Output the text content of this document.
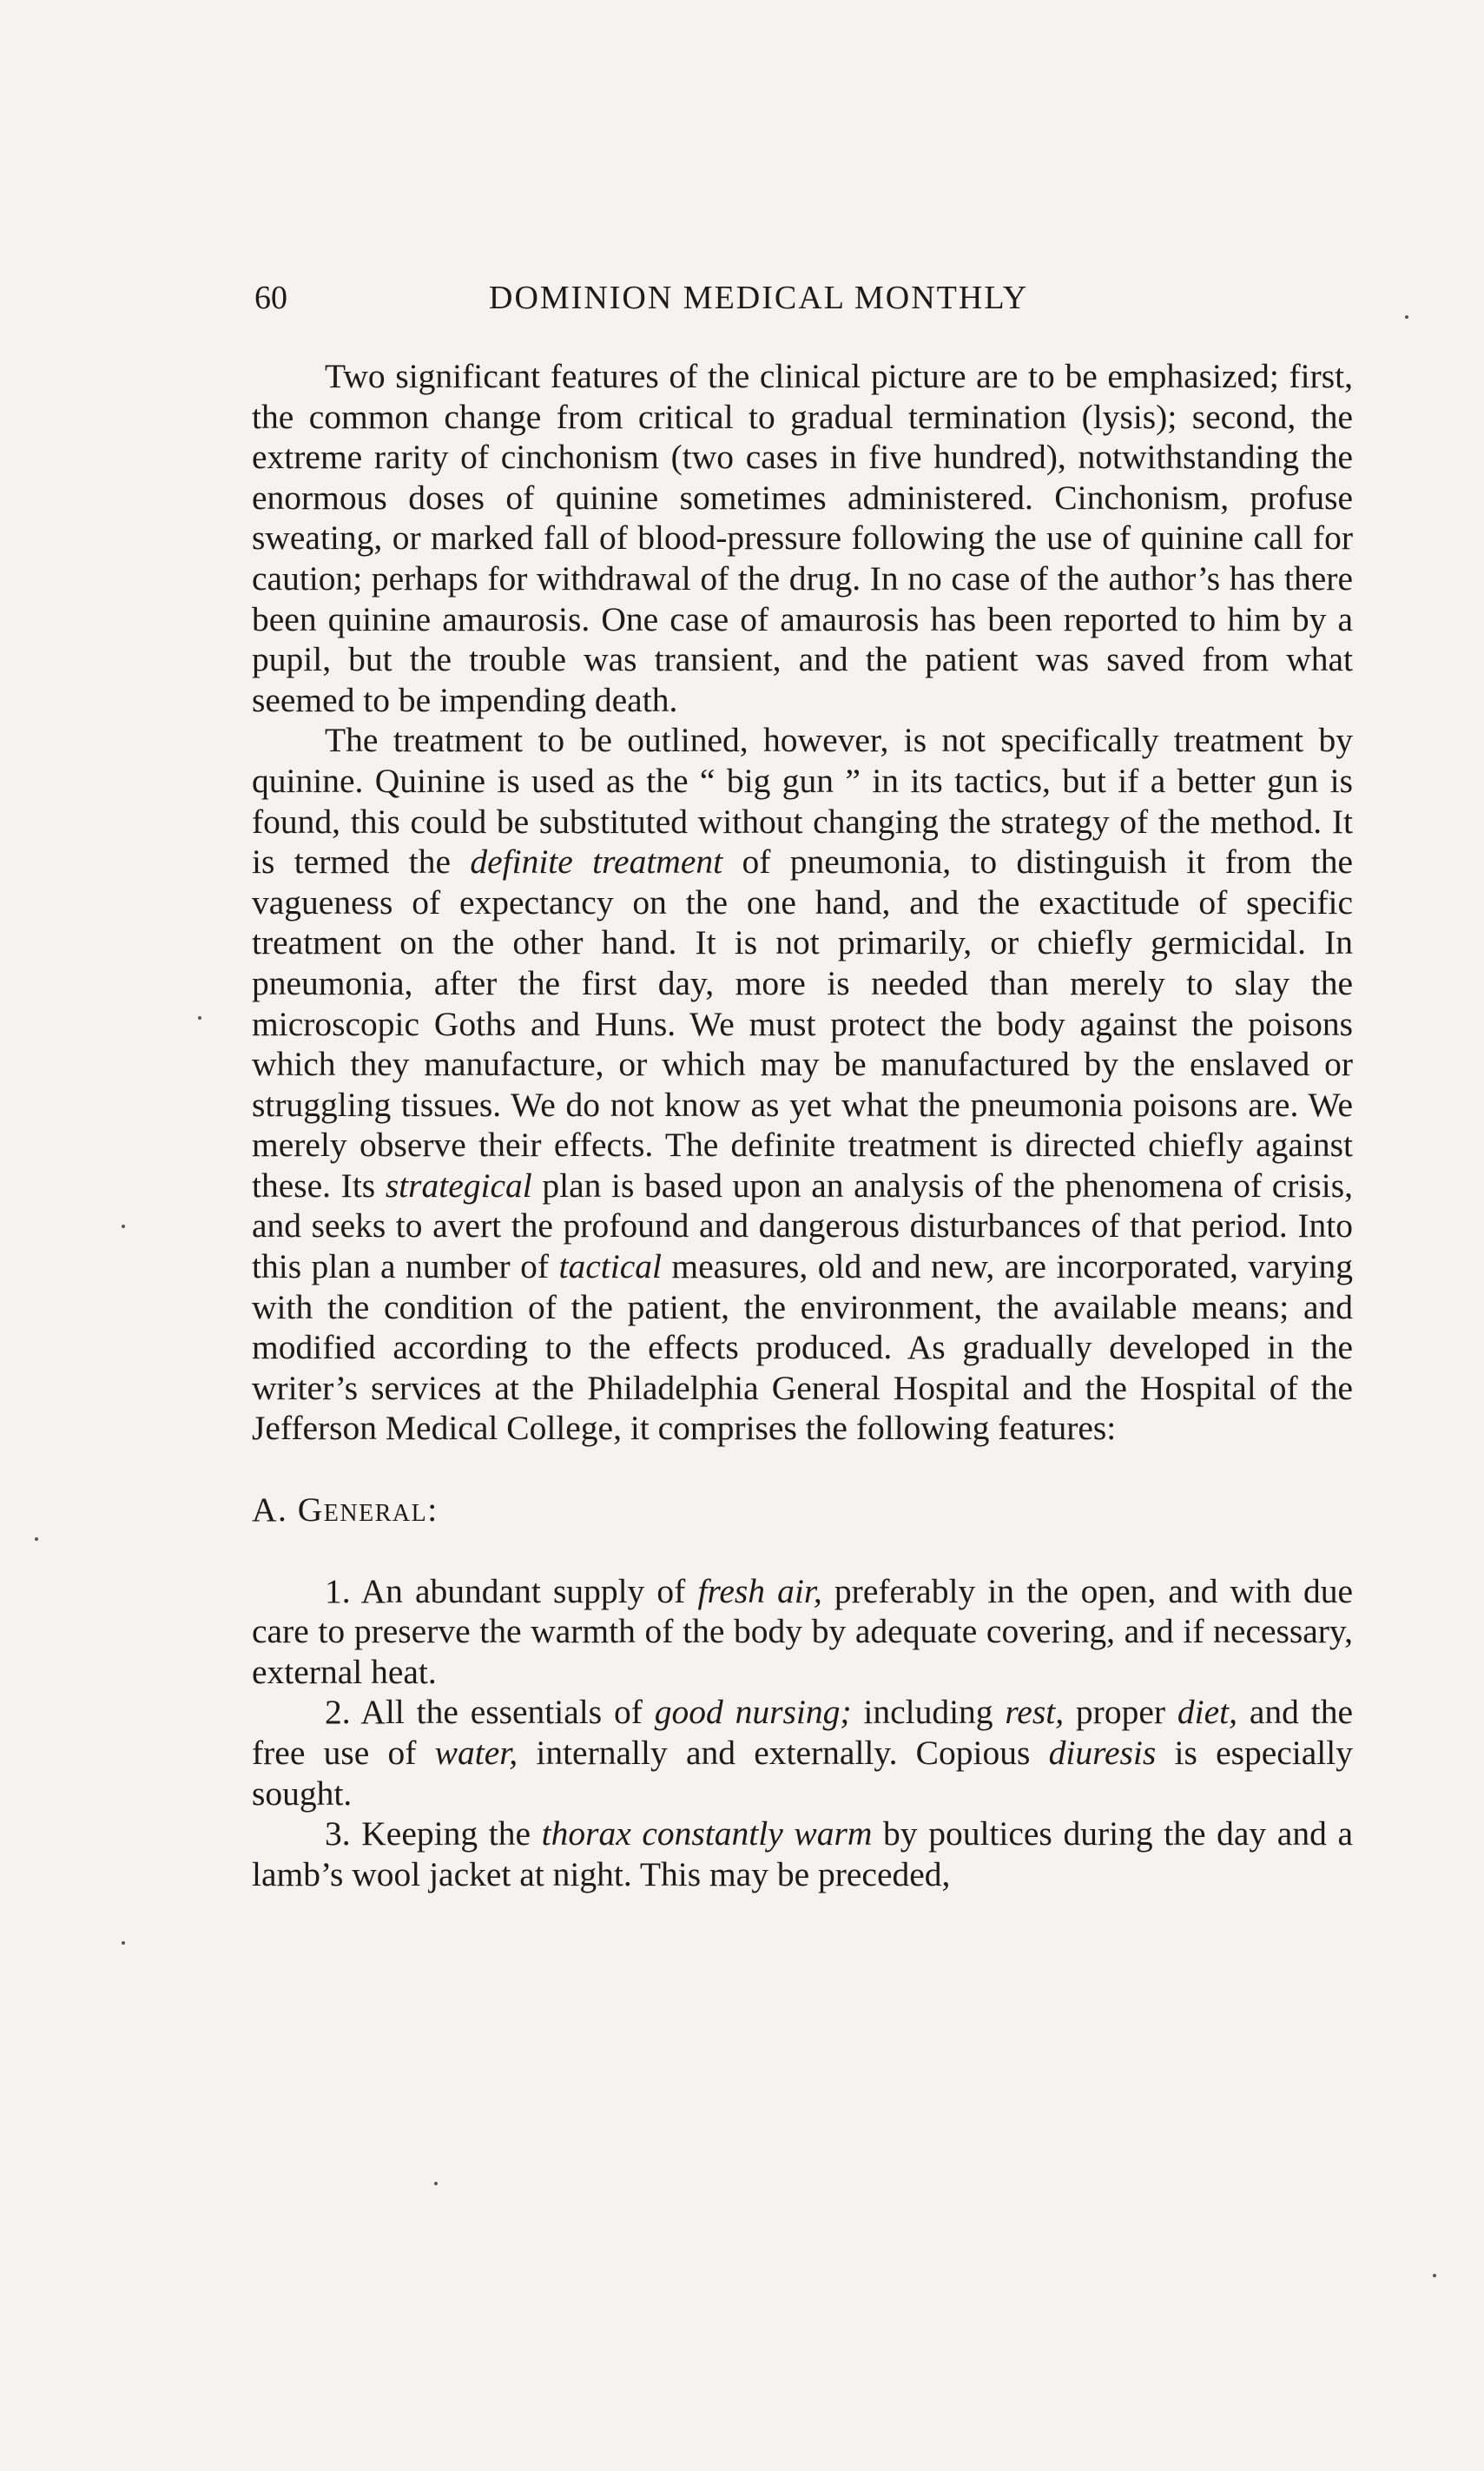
60	DOMINION MEDICAL MONTHLY

Two significant features of the clinical picture are to be emphasized; first, the common change from critical to gradual termination (lysis); second, the extreme rarity of cinchonism (two cases in five hundred), notwithstanding the enormous doses of quinine sometimes administered. Cinchonism, profuse sweating, or marked fall of blood-pressure following the use of quinine call for caution; perhaps for withdrawal of the drug. In no case of the author’s has there been quinine amaurosis. One case of amaurosis has been reported to him by a pupil, but the trouble was transient, and the patient was saved from what seemed to be impending death.

The treatment to be outlined, however, is not specifically treatment by quinine. Quinine is used as the “ big gun ” in its tactics, but if a better gun is found, this could be substituted without changing the strategy of the method. It is termed the definite treatment of pneumonia, to distinguish it from the vagueness of expectancy on the one hand, and the exactitude of specific treatment on the other hand. It is not primarily, or chiefly germicidal. In pneumonia, after the first day, more is needed than merely to slay the microscopic Goths and Huns. We must protect the body against the poisons which they manufacture, or which may be manufactured by the enslaved or struggling tissues. We do not know as yet what the pneumonia poisons are. We merely observe their effects. The definite treatment is directed chiefly against these. Its strategical plan is based upon an analysis of the phenomena of crisis, and seeks to avert the profound and dangerous disturbances of that period. Into this plan a number of tactical measures, old and new, are incorporated, varying with the condition of the patient, the environment, the available means; and modified according to the effects produced. As gradually developed in the writer’s services at the Philadelphia General Hospital and the Hospital of the Jefferson Medical College, it comprises the following features:

A. General:

1. An abundant supply of fresh air, preferably in the open, and with due care to preserve the warmth of the body by adequate covering, and if necessary, external heat.

2. All the essentials of good nursing; including rest, proper diet, and the free use of water, internally and externally. Copious diuresis is especially sought.

3. Keeping the thorax constantly warm by poultices during the day and a lamb’s wool jacket at night. This may be preceded,
